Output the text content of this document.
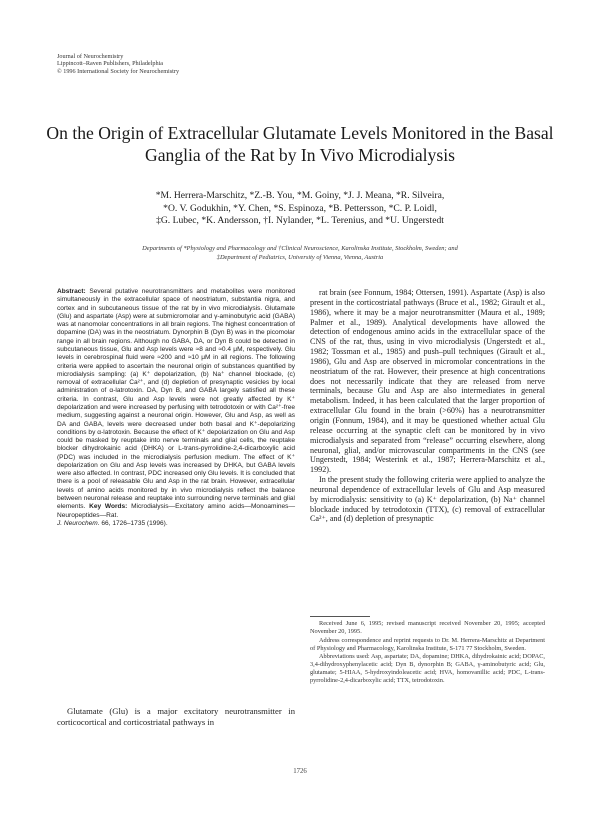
Journal of Neurochemistry
Lippincott–Raven Publishers, Philadelphia
© 1996 International Society for Neurochemistry
On the Origin of Extracellular Glutamate Levels Monitored in the Basal Ganglia of the Rat by In Vivo Microdialysis
*M. Herrera-Marschitz, *Z.-B. You, *M. Goiny, *J. J. Meana, *R. Silveira,
*O. V. Godukhin, *Y. Chen, *S. Espinoza, *B. Pettersson, *C. P. Loidl,
‡G. Lubec, *K. Andersson, †I. Nylander, *L. Terenius, and *U. Ungerstedt
Departments of *Physiology and Pharmacology and †Clinical Neuroscience, Karolinska Institute, Stockholm, Sweden; and
‡Department of Pediatrics, University of Vienna, Vienna, Austria
Abstract: Several putative neurotransmitters and metabolites were monitored simultaneously in the extracellular space of neostriatum, substantia nigra, and cortex and in subcutaneous tissue of the rat by in vivo microdialysis. Glutamate (Glu) and aspartate (Asp) were at submicromolar and γ-aminobutyric acid (GABA) was at nanomolar concentrations in all brain regions. The highest concentration of dopamine (DA) was in the neostriatum. Dynorphin B (Dyn B) was in the picomolar range in all brain regions. Although no GABA, DA, or Dyn B could be detected in subcutaneous tissue, Glu and Asp levels were ≈8 and ≈0.4 μM, respectively. Glu levels in cerebrospinal fluid were ≈200 and ≈10 μM in all regions. The following criteria were applied to ascertain the neuronal origin of substances quantified by microdialysis sampling: (a) K⁺ depolarization, (b) Na⁺ channel blockade, (c) removal of extracellular Ca²⁺, and (d) depletion of presynaptic vesicles by local administration of α-latrotoxin. DA, Dyn B, and GABA largely satisfied all these criteria. In contrast, Glu and Asp levels were not greatly affected by K⁺ depolarization and were increased by perfusing with tetrodotoxin or with Ca²⁺-free medium, suggesting against a neuronal origin. However, Glu and Asp, as well as DA and GABA, levels were decreased under both basal and K⁺-depolarizing conditions by α-latrotoxin. Because the effect of K⁺ depolarization on Glu and Asp could be masked by reuptake into nerve terminals and glial cells, the reuptake blocker dihydrokainic acid (DHKA) or L-trans-pyrrolidine-2,4-dicarboxylic acid (PDC) was included in the microdialysis perfusion medium. The effect of K⁺ depolarization on Glu and Asp levels was increased by DHKA, but GABA levels were also affected. In contrast, PDC increased only Glu levels. It is concluded that there is a pool of releasable Glu and Asp in the rat brain. However, extracellular levels of amino acids monitored by in vivo microdialysis reflect the balance between neuronal release and reuptake into surrounding nerve terminals and glial elements. Key Words: Microdialysis—Excitatory amino acids—Monoamines—Neuropeptides—Rat.
J. Neurochem. 66, 1726–1735 (1996).
Glutamate (Glu) is a major excitatory neurotransmitter in corticocortical and corticostriatal pathways in

rat brain (see Fonnum, 1984; Ottersen, 1991). Aspartate (Asp) is also present in the corticostriatal pathways (Bruce et al., 1982; Girault et al., 1986), where it may be a major neurotransmitter (Maura et al., 1989; Palmer et al., 1989). Analytical developments have allowed the detection of endogenous amino acids in the extracellular space of the CNS of the rat, thus, using in vivo microdialysis (Ungerstedt et al., 1982; Tossman et al., 1985) and push–pull techniques (Girault et al., 1986), Glu and Asp are observed in micromolar concentrations in the neostriatum of the rat. However, their presence at high concentrations does not necessarily indicate that they are released from nerve terminals, because Glu and Asp are also intermediates in general metabolism. Indeed, it has been calculated that the larger proportion of extracellular Glu found in the brain (>60%) has a neurotransmitter origin (Fonnum, 1984), and it may be questioned whether actual Glu release occurring at the synaptic cleft can be monitored by in vivo microdialysis and separated from “release” occurring elsewhere, along neuronal, glial, and/or microvascular compartments in the CNS (see Ungerstedt, 1984; Westerink et al., 1987; Herrera-Marschitz et al., 1992).

In the present study the following criteria were applied to analyze the neuronal dependence of extracellular levels of Glu and Asp measured by microdialysis: sensitivity to (a) K⁺ depolarization, (b) Na⁺ channel blockade induced by tetrodotoxin (TTX), (c) removal of extracellular Ca²⁺, and (d) depletion of presynaptic

Received June 6, 1995; revised manuscript received November 20, 1995; accepted November 20, 1995.

Address correspondence and reprint requests to Dr. M. Herrera-Marschitz at Department of Physiology and Pharmacology, Karolinska Institute, S-171 77 Stockholm, Sweden.

Abbreviations used: Asp, aspartate; DA, dopamine; DHKA, dihydrokainic acid; DOPAC, 3,4-dihydroxyphenylacetic acid; Dyn B, dynorphin B; GABA, γ-aminobutyric acid; Glu, glutamate; 5-HIAA, 5-hydroxyindoleacetic acid; HVA, homovanillic acid; PDC, L-trans-pyrrolidine-2,4-dicarboxylic acid; TTX, tetrodotoxin.

1726
